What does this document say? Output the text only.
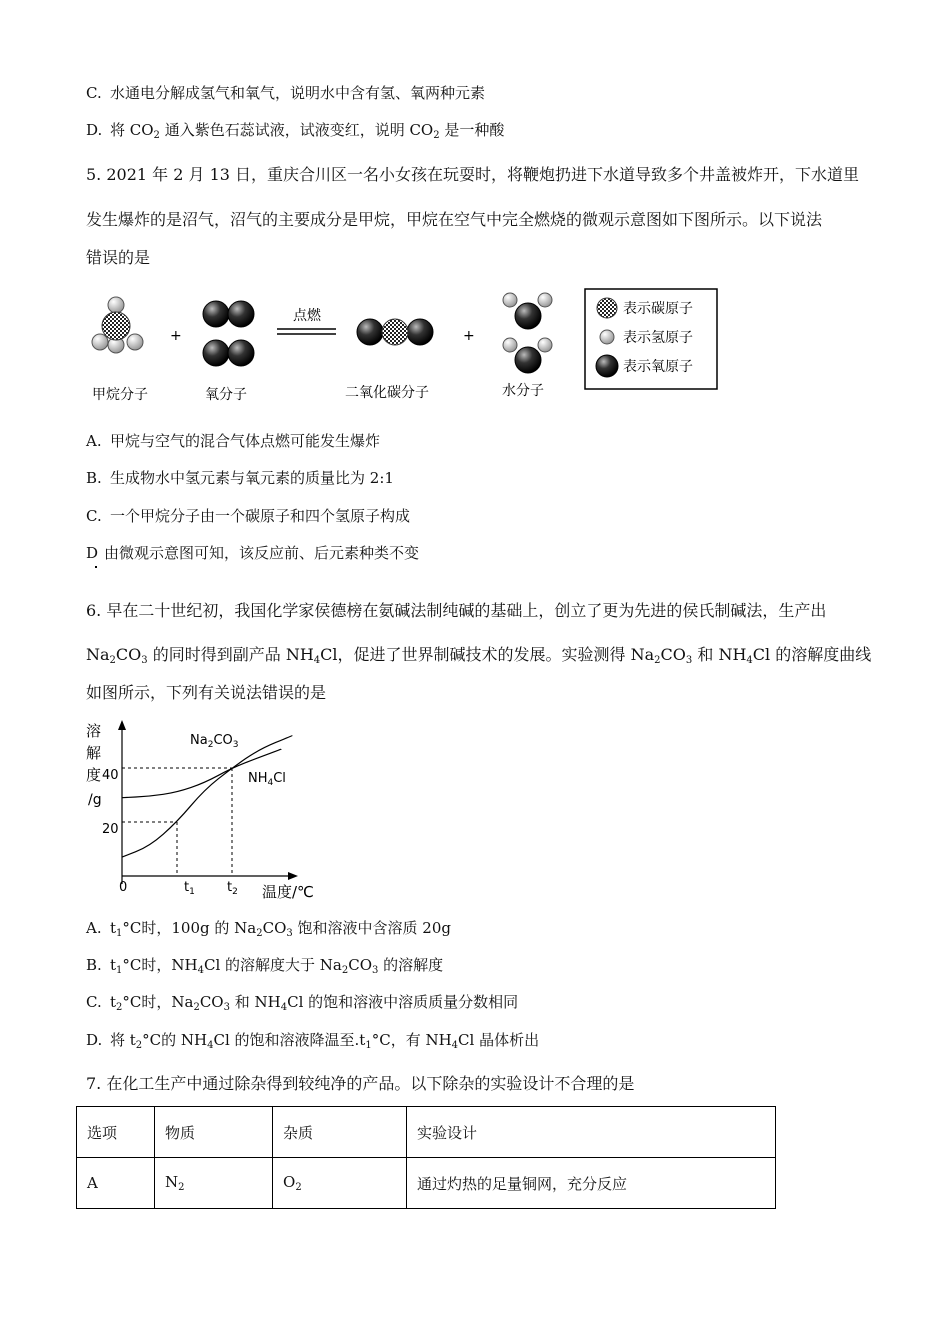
C. 水通电分解成氢气和氧气，说明水中含有氢、氧两种元素
D. 将 $CO_2$ 通入紫色石蕊试液，试液变红，说明 $CO_2$ 是一种酸
5. 2021 年 2 月 13 日，重庆合川区一名小女孩在玩耍时，将鞭炮扔进下水道导致多个井盖被炸开，下水道里
发生爆炸的是沼气，沼气的主要成分是甲烷，甲烷在空气中完全燃烧的微观示意图如下图所示。以下说法
错误的是
+
点燃
+
甲烷分子	氧分子	二氧化碳分子	水分子
表示碳原子
表示氢原子
表示氧原子
A. 甲烷与空气的混合气体点燃可能发生爆炸
B. 生成物水中氢元素与氧元素的质量比为 2:1
C. 一个甲烷分子由一个碳原子和四个氢原子构成
D 由微观示意图可知，该反应前、后元素种类不变
6. 早在二十世纪初，我国化学家侯德榜在氨碱法制纯碱的基础上，创立了更为先进的侯氏制碱法，生产出
$Na_2CO_3$ 的同时得到副产品 $NH_4Cl$，促进了世界制碱技术的发展。实验测得 $Na_2CO_3$ 和 $NH_4Cl$ 的溶解度曲线
如图所示，下列有关说法错误的是
溶
解
度
/g
0	$t_1$ $t_2$ 温度/℃
20
40
$Na_2CO_3$
$NH_4Cl$
A. $t_1^\circ C$时，100g 的 $Na_2CO_3$ 饱和溶液中含溶质 20g
B. $t_1^\circ C$时，$NH_4Cl$ 的溶解度大于 $Na_2CO_3$ 的溶解度
C. $t_2^\circ C$时，$Na_2CO_3$ 和 $NH_4Cl$ 的饱和溶液中溶质质量分数相同
D. 将 $t_2^\circ C$的 $NH_4Cl$ 的饱和溶液降温至$.t_1^\circ C$，有 $NH_4Cl$ 晶体析出
7. 在化工生产中通过除杂得到较纯净的产品。以下除杂的实验设计不合理的是
选项	物质	杂质	实验设计
A	$N_2$	$O_2$	通过灼热的足量铜网，充分反应
